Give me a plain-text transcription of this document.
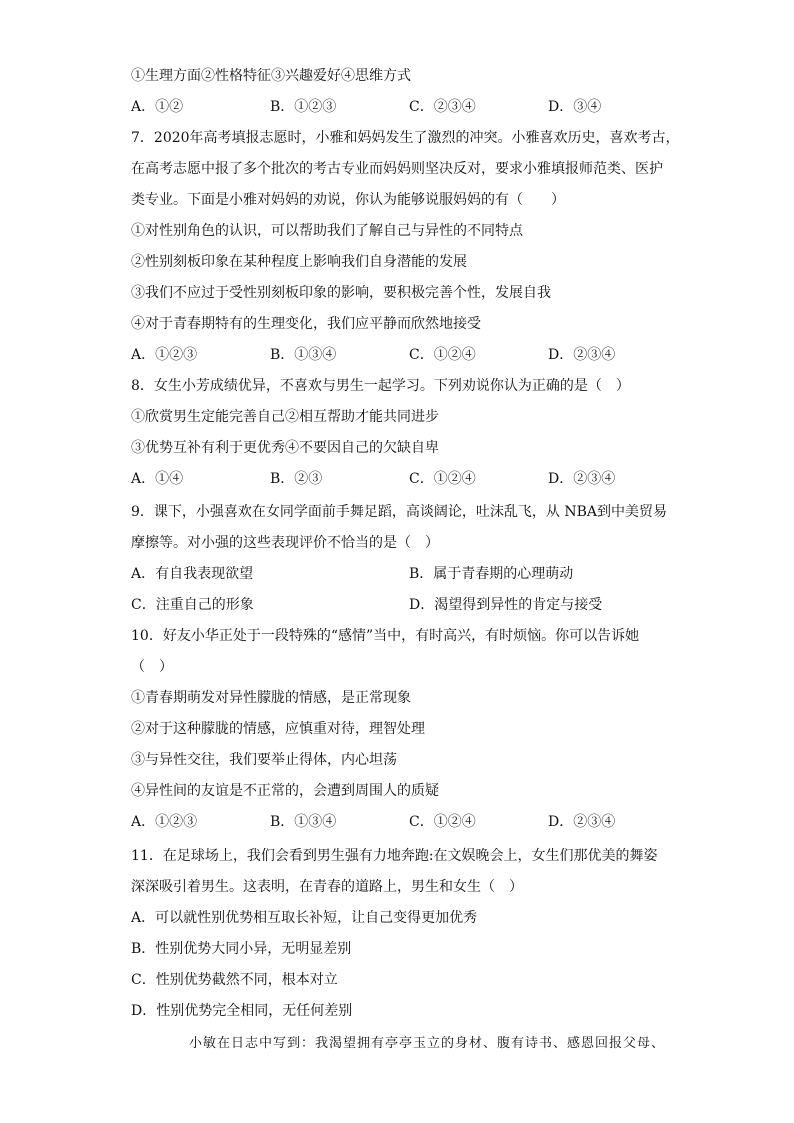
①生理方面②性格特征③兴趣爱好④思维方式
A．①②	B．①②③	C．②③④	D．③④
7．2020年高考填报志愿时，小雅和妈妈发生了激烈的冲突。小雅喜欢历史，喜欢考古，
在高考志愿中报了多个批次的考古专业而妈妈则坚决反对，要求小雅填报师范类、医护
类专业。下面是小雅对妈妈的劝说，你认为能够说服妈妈的有（　　）
①对性别角色的认识，可以帮助我们了解自己与异性的不同特点
②性别刻板印象在某种程度上影响我们自身潜能的发展
③我们不应过于受性别刻板印象的影响，要积极完善个性，发展自我
④对于青春期特有的生理变化，我们应平静而欣然地接受
A．①②③	B．①③④	C．①②④	D．②③④
8．女生小芳成绩优异，不喜欢与男生一起学习。下列劝说你认为正确的是（　）
①欣赏男生定能完善自己②相互帮助才能共同进步
③优势互补有利于更优秀④不要因自己的欠缺自卑
A．①④	B．②③	C．①②④	D．②③④
9．课下，小强喜欢在女同学面前手舞足蹈，高谈阔论，吐沫乱飞，从 NBA到中美贸易
摩擦等。对小强的这些表现评价不恰当的是（　）
A．有自我表现欲望	B．属于青春期的心理萌动
C．注重自己的形象	D．渴望得到异性的肯定与接受
10．好友小华正处于一段特殊的“感情”当中，有时高兴，有时烦恼。你可以告诉她
（　）
①青春期萌发对异性朦胧的情感，是正常现象
②对于这种朦胧的情感，应慎重对待，理智处理
③与异性交往，我们要举止得体，内心坦荡
④异性间的友谊是不正常的，会遭到周围人的质疑
A．①②③	B．①③④	C．①②④	D．②③④
11．在足球场上，我们会看到男生强有力地奔跑:在文娱晚会上，女生们那优美的舞姿
深深吸引着男生。这表明，在青春的道路上，男生和女生（　）
A．可以就性别优势相互取长补短，让自己变得更加优秀
B．性别优势大同小异，无明显差别
C．性别优势截然不同，根本对立
D．性别优势完全相同，无任何差别
小敏在日志中写到：我渴望拥有亭亭玉立的身材、腹有诗书、感恩回报父母、
